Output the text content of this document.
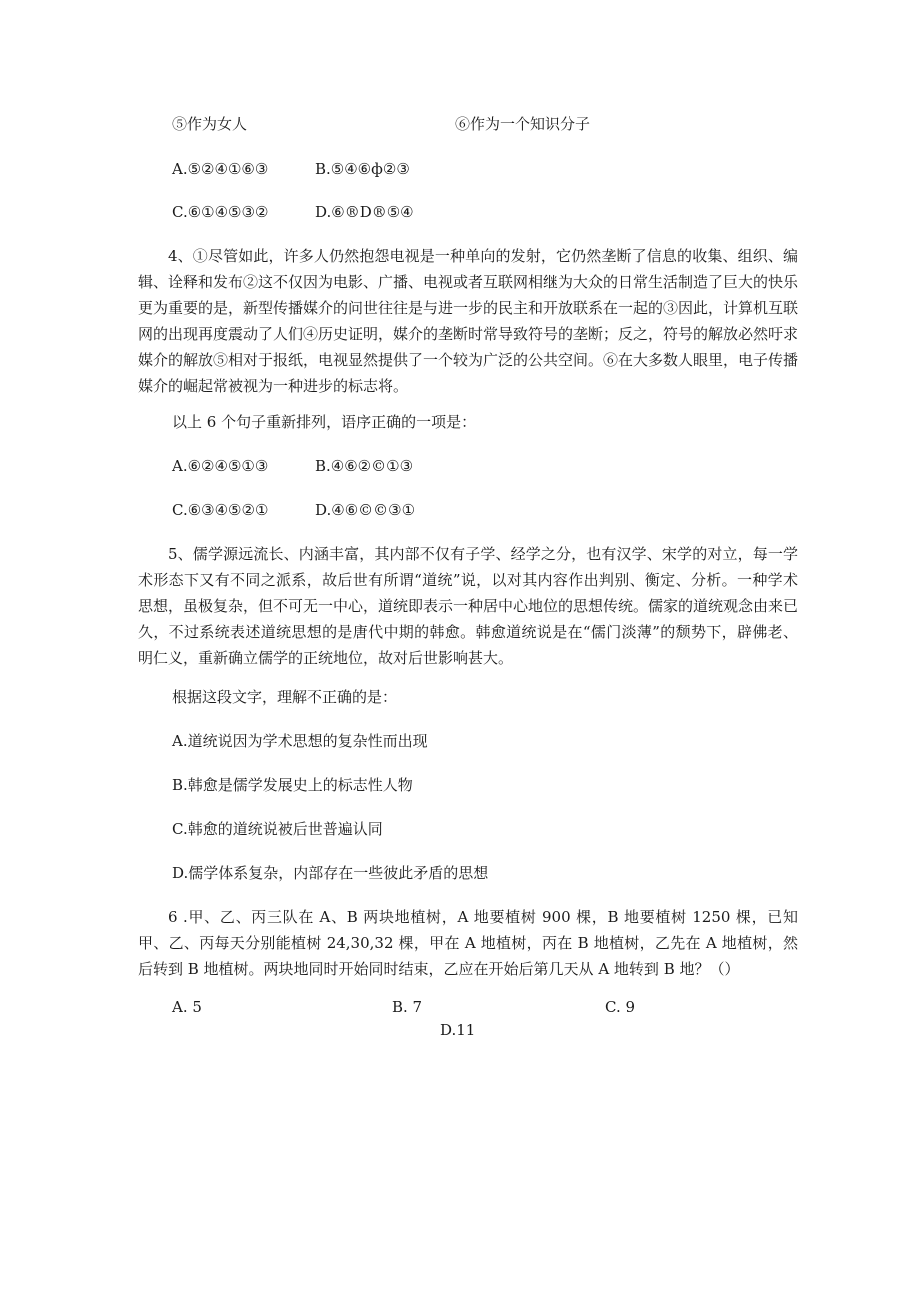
⑤作为女人	⑥作为一个知识分子
A.⑤②④①⑥③	B.⑤④⑥ф②③
C.⑥①④⑤③②	D.⑥®D®⑤④
4、①尽管如此，许多人仍然抱怨电视是一种单向的发射，它仍然垄断了信息的收集、组织、编辑、诠释和发布②这不仅因为电影、广播、电视或者互联网相继为大众的日常生活制造了巨大的快乐 更为重要的是，新型传播媒介的问世往往是与进一步的民主和开放联系在一起的③因此，计算机互联网的出现再度震动了人们④历史证明，媒介的垄断时常导致符号的垄断；反之，符号的解放必然吁求媒介的解放⑤相对于报纸，电视显然提供了一个较为广泛的公共空间。⑥在大多数人眼里，电子传播媒介的崛起常被视为一种进步的标志将。
以上 6 个句子重新排列，语序正确的一项是：
A.⑥②④⑤①③	B.④⑥②©①③
C.⑥③④⑤②①	D.④⑥©©③①
5、儒学源远流长、内涵丰富，其内部不仅有子学、经学之分，也有汉学、宋学的对立，每一学术形态下又有不同之派系，故后世有所谓“道统”说，以对其内容作出判别、衡定、分析。一种学术思想，虽极复杂，但不可无一中心，道统即表示一种居中心地位的思想传统。儒家的道统观念由来已久，不过系统表述道统思想的是唐代中期的韩愈。韩愈道统说是在“儒门淡薄”的颓势下，辟佛老、明仁义，重新确立儒学的正统地位，故对后世影响甚大。
根据这段文字，理解不正确的是：
A.道统说因为学术思想的复杂性而出现
B.韩愈是儒学发展史上的标志性人物
C.韩愈的道统说被后世普遍认同
D.儒学体系复杂，内部存在一些彼此矛盾的思想
6 .甲、乙、丙三队在 A、B 两块地植树，A 地要植树 900 棵，B 地要植树 1250 棵，已知甲、乙、丙每天分别能植树 24,30,32 棵，甲在 A 地植树，丙在 B 地植树，乙先在 A 地植树，然后转到 B 地植树。两块地同时开始同时结束，乙应在开始后第几天从 A 地转到 B 地？（）
A. 5	B. 7	C. 9
D.11
